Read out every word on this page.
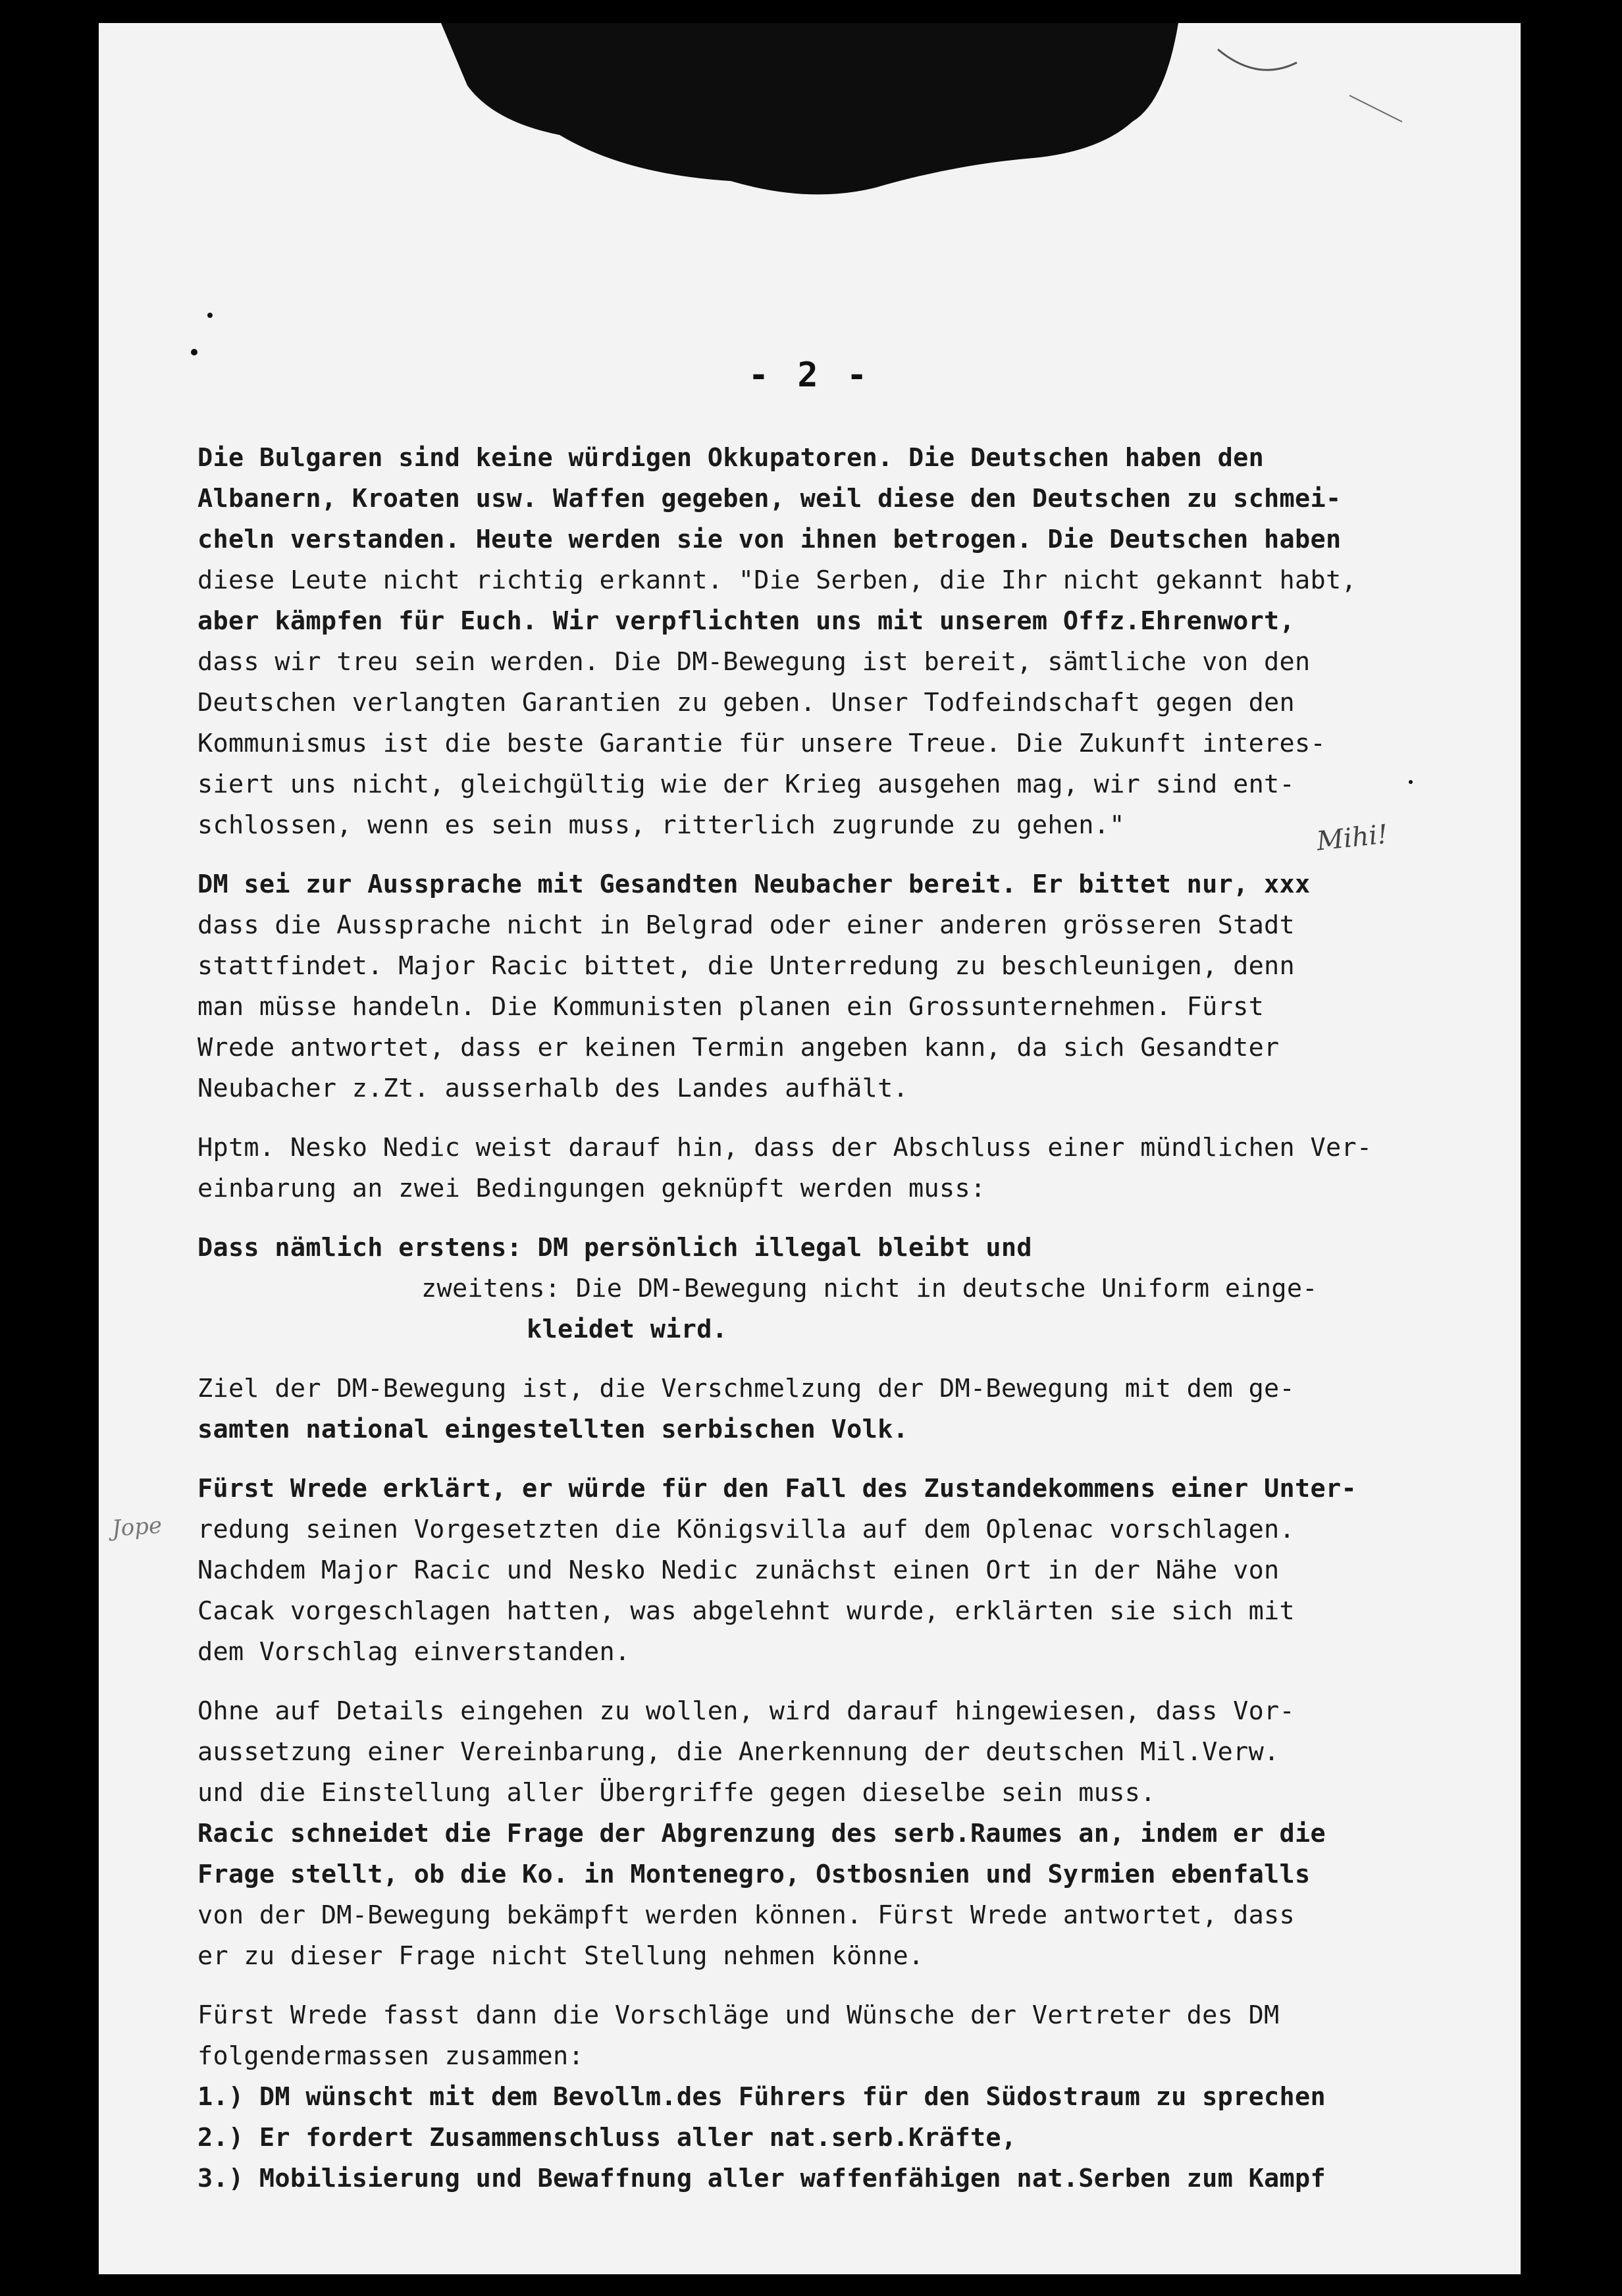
- 2 -
Die Bulgaren sind keine würdigen Okkupatoren. Die Deutschen haben den
Albanern, Kroaten usw. Waffen gegeben, weil diese den Deutschen zu schmei-
cheln verstanden. Heute werden sie von ihnen betrogen. Die Deutschen haben
diese Leute nicht richtig erkannt. "Die Serben, die Ihr nicht gekannt habt,
aber kämpfen für Euch. Wir verpflichten uns mit unserem Offz.Ehrenwort,
dass wir treu sein werden. Die DM-Bewegung ist bereit, sämtliche von den
Deutschen verlangten Garantien zu geben. Unser Todfeindschaft gegen den
Kommunismus ist die beste Garantie für unsere Treue. Die Zukunft interes-
siert uns nicht, gleichgültig wie der Krieg ausgehen mag, wir sind ent-
schlossen, wenn es sein muss, ritterlich zugrunde zu gehen."
DM sei zur Aussprache mit Gesandten Neubacher bereit. Er bittet nur, xxx
dass die Aussprache nicht in Belgrad oder einer anderen grösseren Stadt
stattfindet. Major Racic bittet, die Unterredung zu beschleunigen, denn
man müsse handeln. Die Kommunisten planen ein Grossunternehmen. Fürst
Wrede antwortet, dass er keinen Termin angeben kann, da sich Gesandter
Neubacher z.Zt. ausserhalb des Landes aufhält.
Hptm. Nesko Nedic weist darauf hin, dass der Abschluss einer mündlichen Ver-
einbarung an zwei Bedingungen geknüpft werden muss:
Dass nämlich erstens: DM persönlich illegal bleibt und
zweitens: Die DM-Bewegung nicht in deutsche Uniform einge-
kleidet wird.
Ziel der DM-Bewegung ist, die Verschmelzung der DM-Bewegung mit dem ge-
samten national eingestellten serbischen Volk.
Fürst Wrede erklärt, er würde für den Fall des Zustandekommens einer Unter-
redung seinen Vorgesetzten die Königsvilla auf dem Oplenac vorschlagen.
Nachdem Major Racic und Nesko Nedic zunächst einen Ort in der Nähe von
Cacak vorgeschlagen hatten, was abgelehnt wurde, erklärten sie sich mit
dem Vorschlag einverstanden.
Ohne auf Details eingehen zu wollen, wird darauf hingewiesen, dass Vor-
aussetzung einer Vereinbarung, die Anerkennung der deutschen Mil.Verw.
und die Einstellung aller Übergriffe gegen dieselbe sein muss.
Racic schneidet die Frage der Abgrenzung des serb.Raumes an, indem er die
Frage stellt, ob die Ko. in Montenegro, Ostbosnien und Syrmien ebenfalls
von der DM-Bewegung bekämpft werden können. Fürst Wrede antwortet, dass
er zu dieser Frage nicht Stellung nehmen könne.
Fürst Wrede fasst dann die Vorschläge und Wünsche der Vertreter des DM
folgendermassen zusammen:
1.) DM wünscht mit dem Bevollm.des Führers für den Südostraum zu sprechen
2.) Er fordert Zusammenschluss aller nat.serb.Kräfte,
3.) Mobilisierung und Bewaffnung aller waffenfähigen nat.Serben zum Kampf
Mihi!
Jope
